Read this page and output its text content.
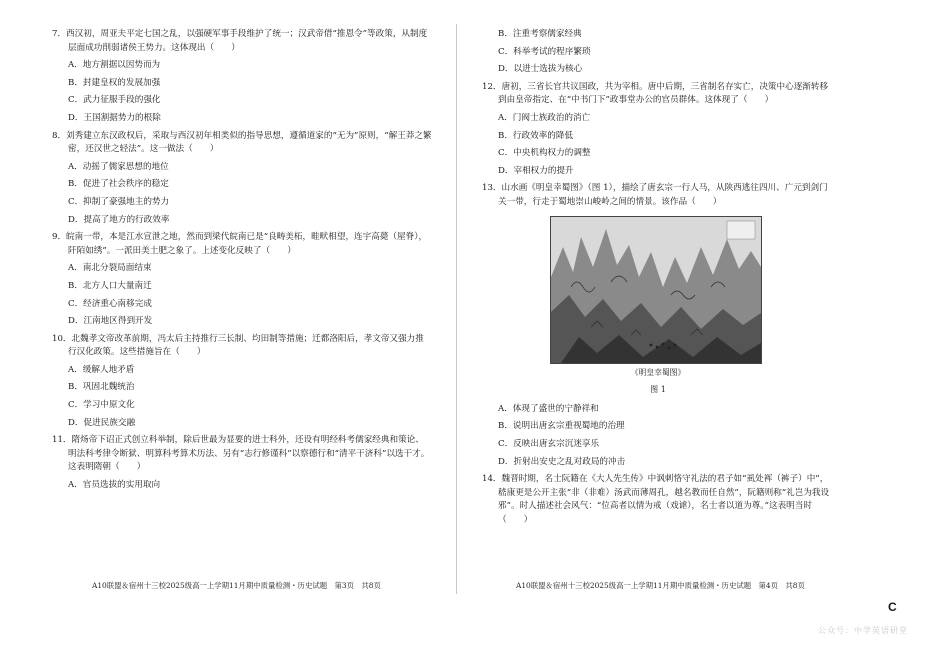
7．西汉初，周亚夫平定七国之乱，以强硬军事手段维护了统一；汉武帝借“推恩令”等政策，从制度层面成功削弱诸侯王势力。这体现出（　　）
A．地方割据以因势而为
B．封建皇权的发展加强
C．武力征服手段的强化
D．王国割据势力的根除
8．刘秀建立东汉政权后，采取与西汉初年相类似的指导思想，遵循道家的“无为”原则，“解王莽之繁密，还汉世之轻法”。这一做法（　　）
A．动摇了儒家思想的地位
B．促进了社会秩序的稳定
C．抑制了豪强地主的势力
D．提高了地方的行政效率
9．皖南一带，本是江水宣泄之地，然而到梁代皖南已是“良畴美柘，畦畎相望，连宇高薨（屋脊），阡陌如绣”。一派田美土肥之象了。上述变化反映了（　　）
A．南北分裂局面结束
B．北方人口大量南迁
C．经济重心南移完成
D．江南地区得到开发
10．北魏孝文帝改革前期，冯太后主持推行三长制、均田制等措施；迁都洛阳后，孝文帝又强力推行汉化政策。这些措施旨在（　　）
A．缓解人地矛盾
B．巩固北魏统治
C．学习中原文化
D．促进民族交融
11．隋炀帝下诏正式创立科举制，除后世最为显要的进士科外，还设有明经科考儒家经典和策论、明法科考律令断狱、明算科考算术历法、另有“志行修谨科”以察德行和“清平干济科”以选干才。这表明隋朝（　　）
A．官员选拔的实用取向
A10联盟＆宿州十三校2025级高一上学期11月期中质量检测・历史试题　第3页　共8页
B．注重考察儒家经典
C．科举考试的程序繁琐
D．以进士选拔为核心
12．唐初，三省长官共议国政，共为宰相。唐中后期，三省制名存实亡，决策中心逐渐转移到由皇帝指定、在“中书门下”政事堂办公的官员群体。这体现了（　　）
A．门阀士族政治的消亡
B．行政效率的降低
C．中央机构权力的调整
D．宰相权力的提升
13．山水画《明皇幸蜀图》（图 1），描绘了唐玄宗一行人马，从陕西逃往四川、广元到剑门关一带，行走于蜀地崇山峻岭之间的情景。该作品（　　）
《明皇幸蜀图》
图 1
A．体现了盛世的宁静祥和
B．说明出唐玄宗重视蜀地的治理
C．反映出唐玄宗沉迷享乐
D．折射出安史之乱对政局的冲击
14．魏晋时期，名士阮籍在《大人先生传》中讽刺恪守礼法的君子如“虱处裈（裤子）中”，嵇康更是公开主张“非（非难）汤武而薄周孔，越名教而任自然”，阮籍则称“礼岂为我设邪”。时人描述社会风气：“位高者以情为戒（戏谑），名士者以道为尊。”这表明当时（　　）
A10联盟＆宿州十三校2025级高一上学期11月期中质量检测・历史试题　第4页　共8页
C
公众号：中学英语研堂
